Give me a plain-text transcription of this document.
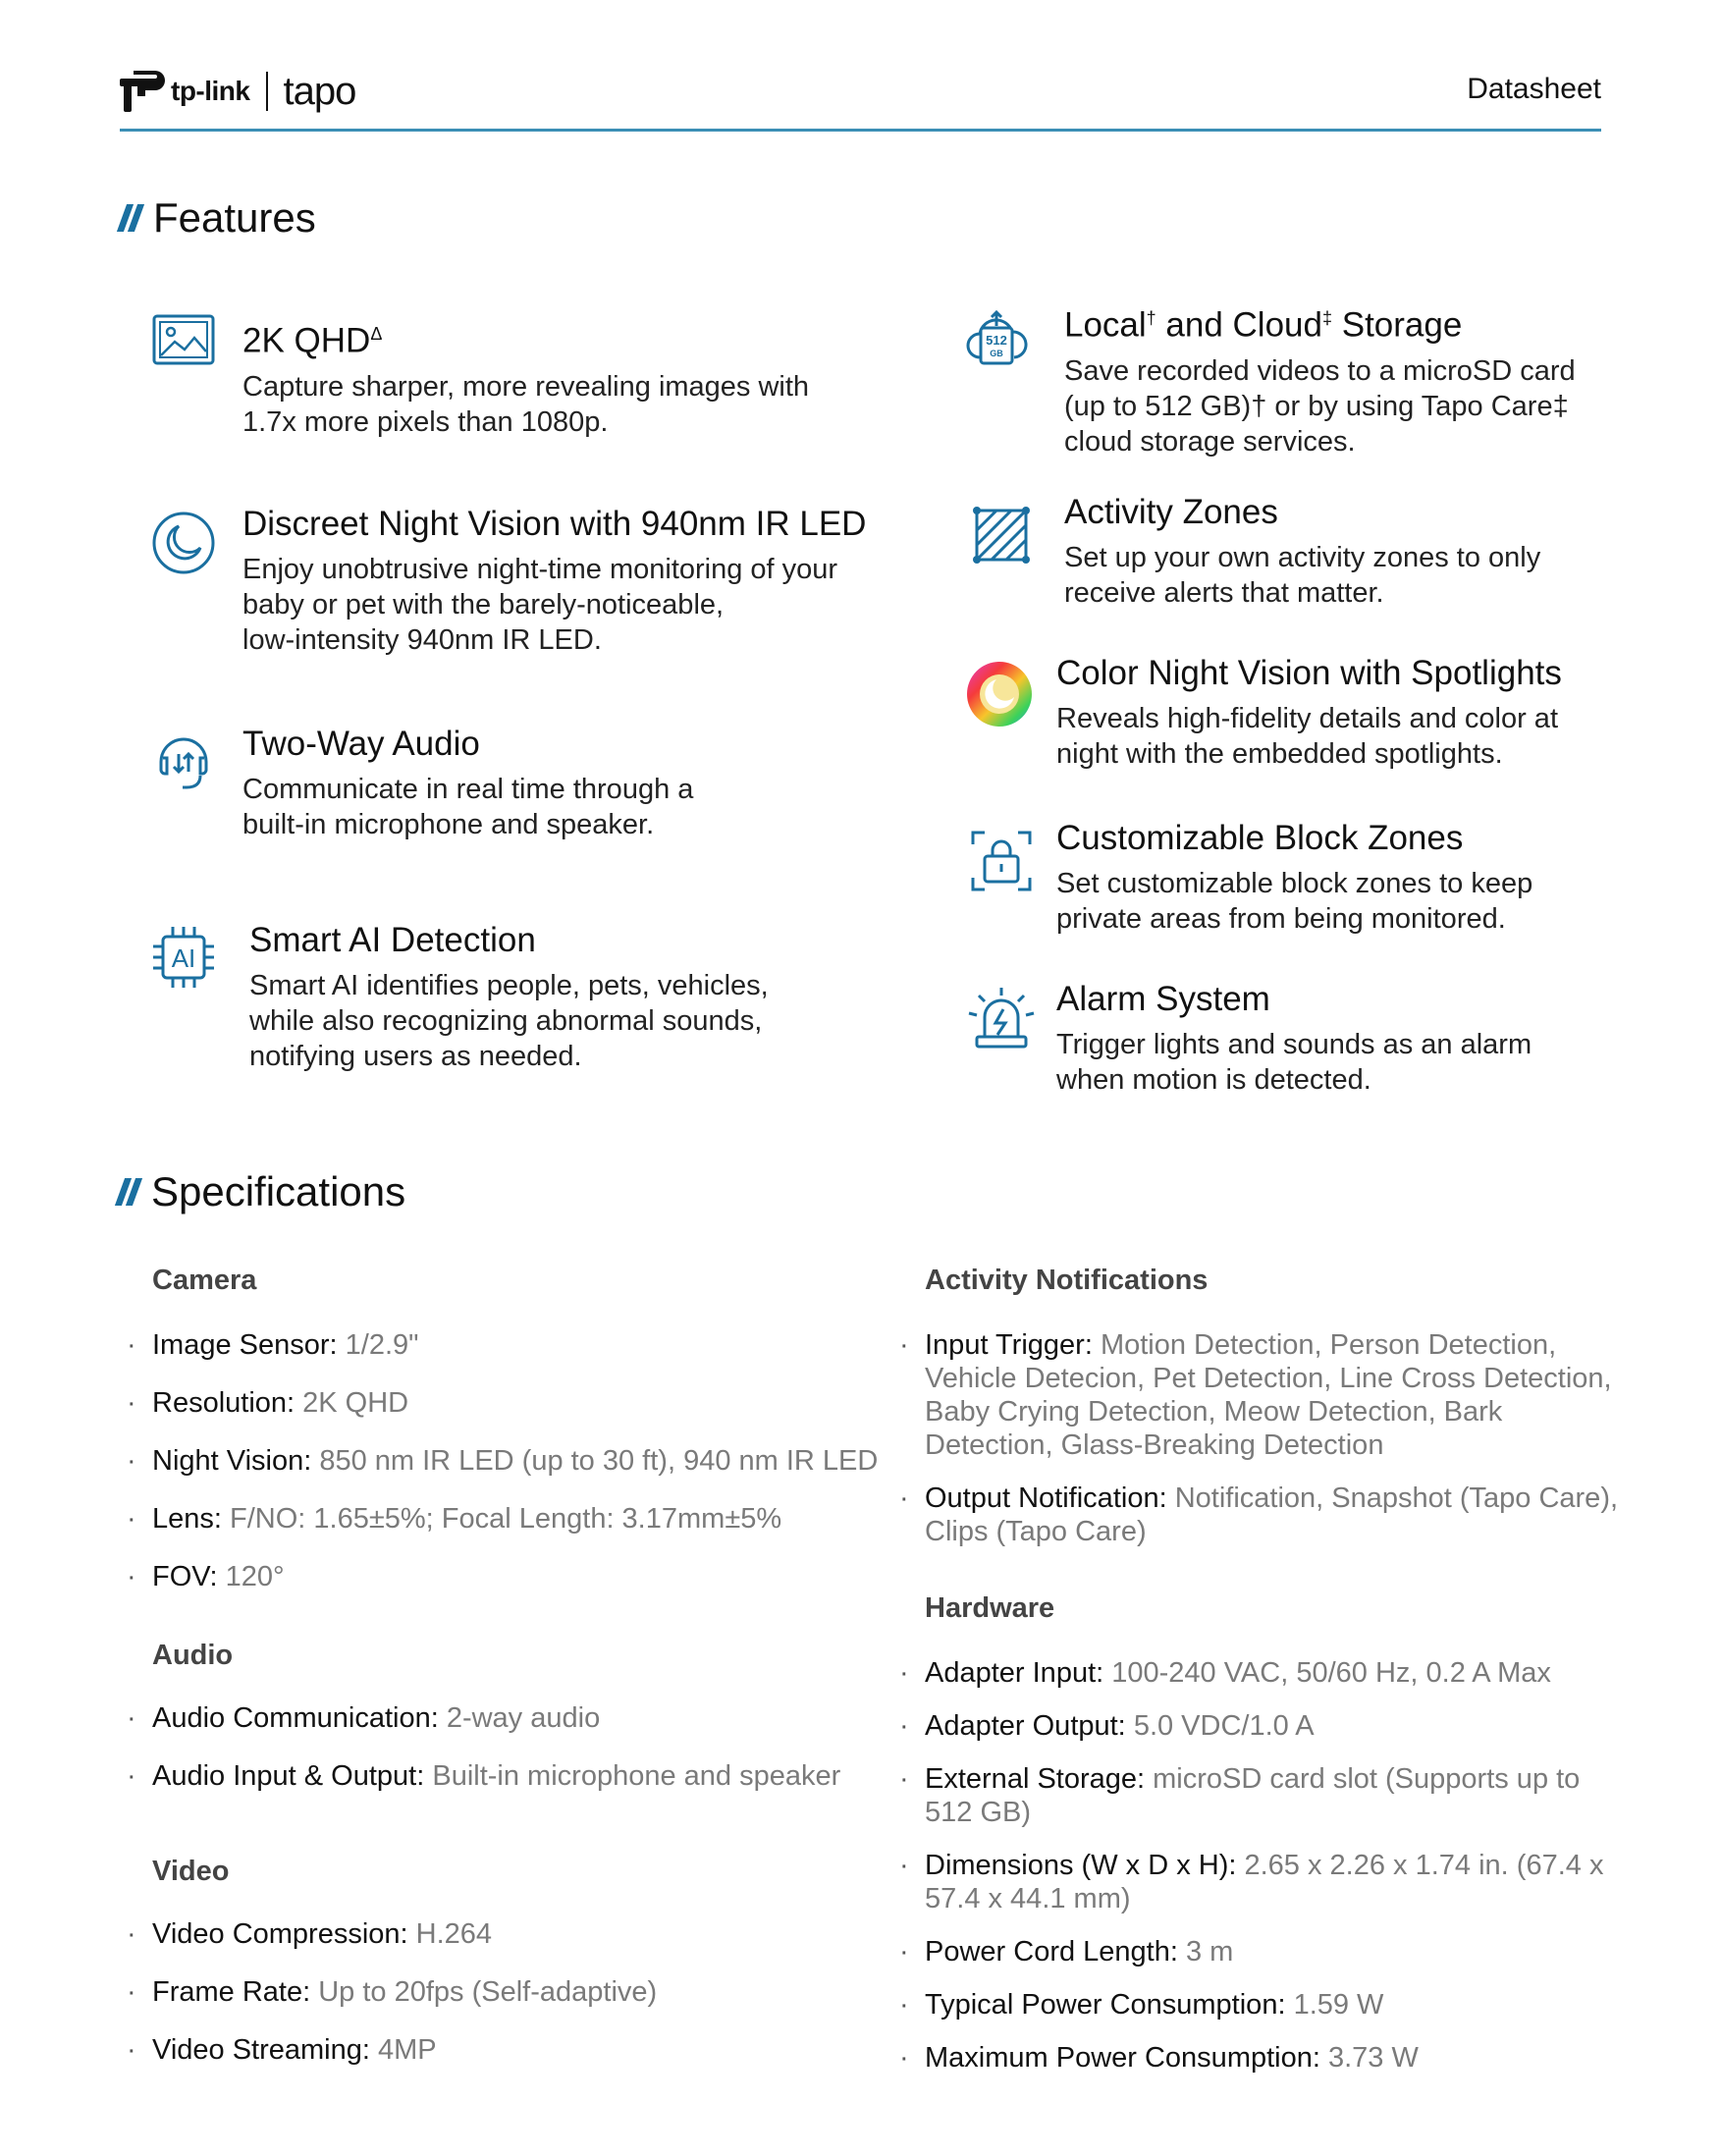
tp-link tapo	Datasheet
Features
2K $QHD^\Delta$
Capture sharper, more revealing images with
1.7x more pixels than 1080p.
Discreet Night Vision with 940nm IR LED
Enjoy unobtrusive night-time monitoring of your
baby or pet with the barely-noticeable,
low-intensity 940nm IR LED.
Two-Way Audio
Communicate in real time through a
built-in microphone and speaker.
AI Smart AI Detection
Smart AI identifies people, pets, vehicles,
while also recognizing abnormal sounds,
notifying users as needed.
512
GB
Local† and Cloud‡ Storage
Save recorded videos to a microSD card
(up to 512 GB)† or by using Tapo Care‡
cloud storage services.
Activity Zones
Set up your own activity zones to only
receive alerts that matter.
Color Night Vision with Spotlights
Reveals high-fidelity details and color at
night with the embedded spotlights.
Customizable Block Zones
Set customizable block zones to keep
private areas from being monitored.
Alarm System
Trigger lights and sounds as an alarm
when motion is detected.
Specifications
Camera
· Image Sensor: 1/2.9"
· Resolution: 2K QHD
· Night Vision: 850 nm IR LED (up to 30 ft), 940 nm IR LED
· Lens: F/NO: 1.65±5%; Focal Length: 3.17mm±5%
· FOV: 120°
Audio
· Audio Communication: 2-way audio
· Audio Input & Output: Built-in microphone and speaker
Video
· Video Compression: H.264
· Frame Rate: Up to 20fps (Self-adaptive)
· Video Streaming: 4MP
Activity Notifications
· Input Trigger: Motion Detection, Person Detection,
Vehicle Detecion, Pet Detection, Line Cross Detection,
Baby Crying Detection, Meow Detection, Bark
Detection, Glass-Breaking Detection
· Output Notification: Notification, Snapshot (Tapo Care),
Clips (Tapo Care)
Hardware
· Adapter Input: 100-240 VAC, 50/60 Hz, 0.2 A Max
· Adapter Output: 5.0 VDC/1.0 A
· External Storage: microSD card slot (Supports up to
512 GB)
· Dimensions (W x D x H): 2.65 x 2.26 x 1.74 in. (67.4 x
57.4 x 44.1 mm)
· Power Cord Length: 3 m
· Typical Power Consumption: 1.59 W
· Maximum Power Consumption: 3.73 W
